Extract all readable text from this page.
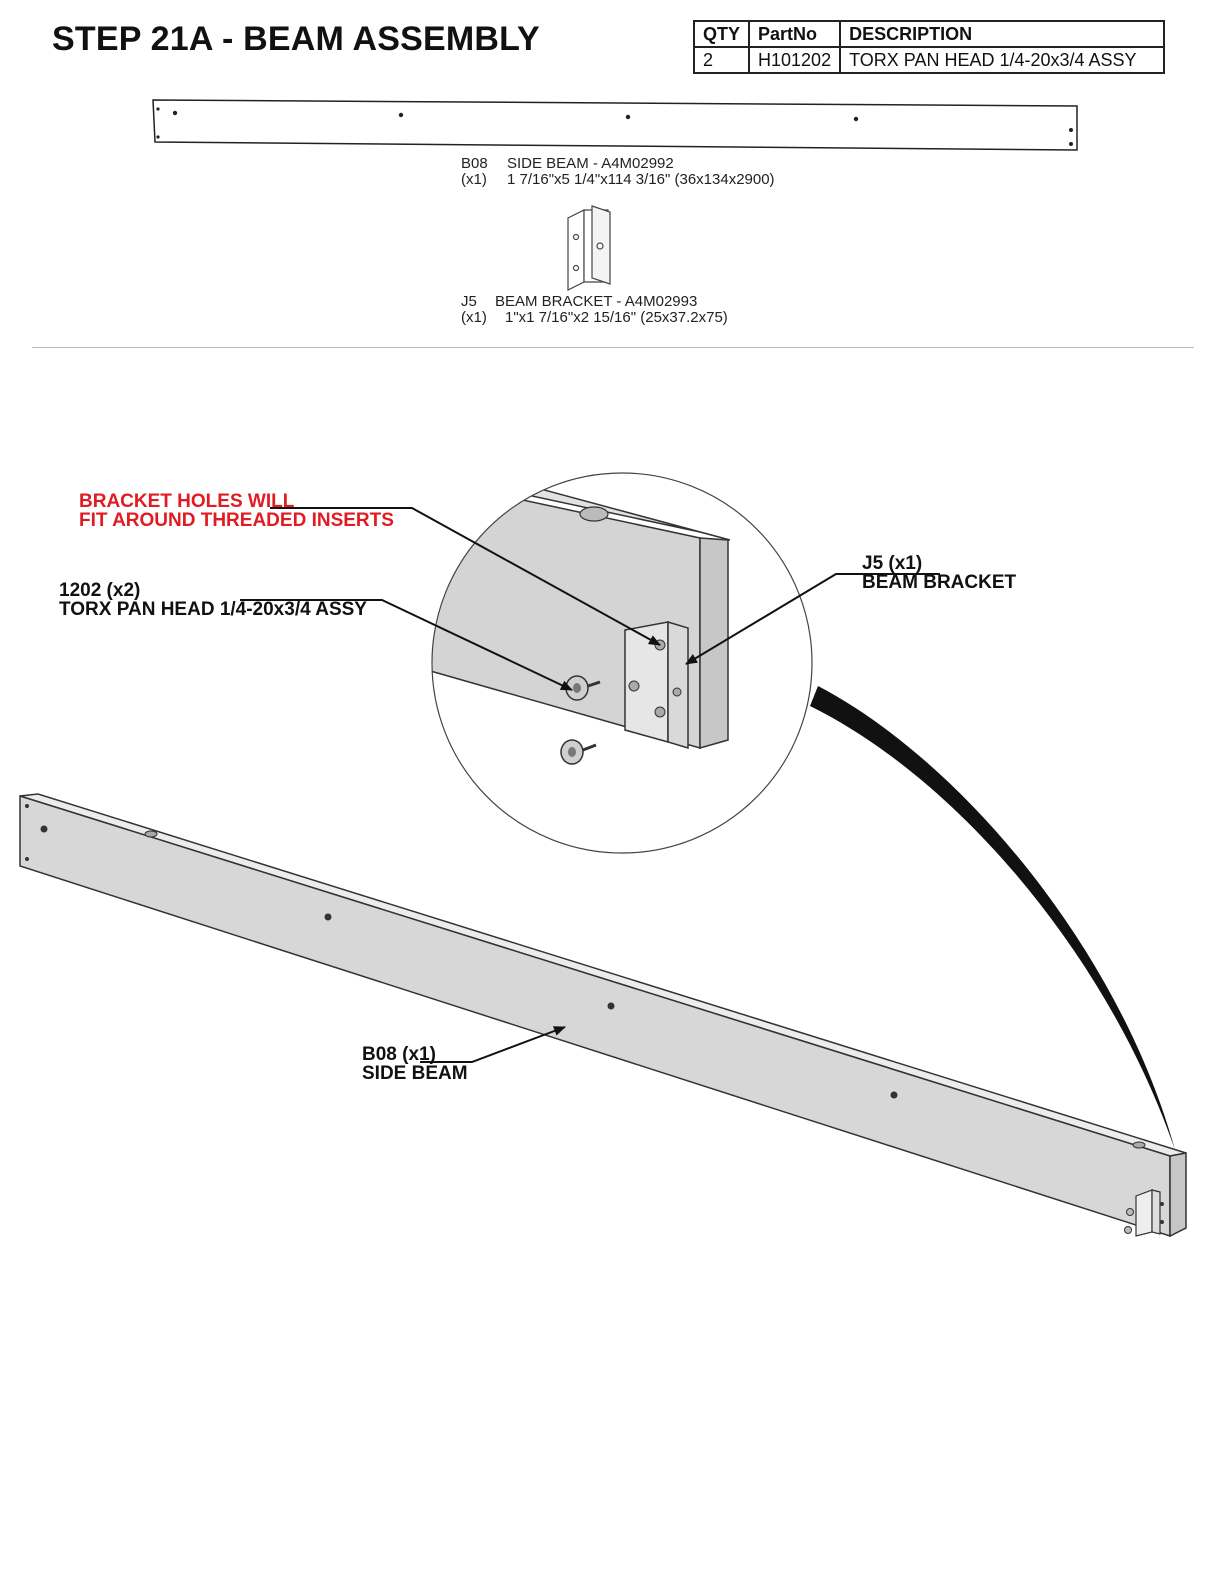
STEP 21A - BEAM ASSEMBLY	QTY	PartNo	DESCRIPTION
2	H101202	TORX PAN HEAD 1/4-20x3/4 ASSY
B08 SIDE BEAM - A4M02992
(x1) 1 7/16"x5 1/4"x114 3/16" (36x134x2900)
J5 BEAM BRACKET - A4M02993
(x1) 1"x1 7/16"x2 15/16" (25x37.2x75)
BRACKET HOLES WILL
FIT AROUND THREADED INSERTS
1202 (x2)
TORX PAN HEAD 1/4-20x3/4 ASSY
J5 (x1)
BEAM BRACKET
B08 (x1)
SIDE BEAM
